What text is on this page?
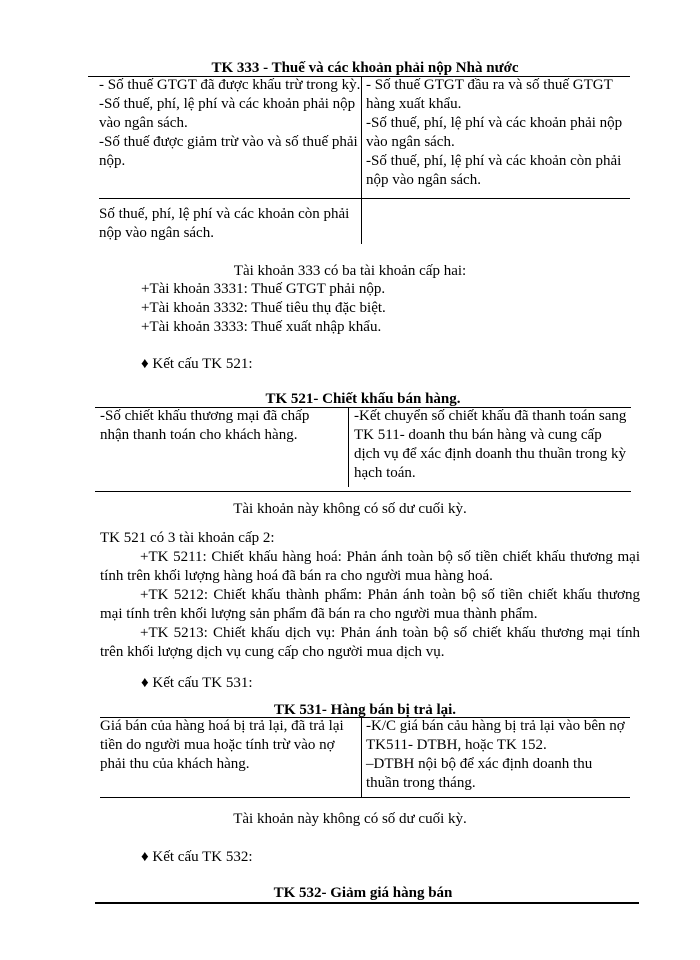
TK 333 - Thuế và các khoản phải nộp Nhà nước

- Số thuế GTGT đã được khấu trừ trong kỳ.

-Số thuế, phí, lệ phí và các khoản phải nộp vào ngân sách.

-Số thuế được giảm trừ vào và số thuế phải nộp.

- Số thuế GTGT đầu ra và số thuế GTGT hàng xuất khẩu.

-Số thuế, phí, lệ phí và các khoản phải nộp vào ngân sách.

-Số thuế, phí, lệ phí và các khoản còn phải nộp vào ngân sách.

Số thuế, phí, lệ phí và các khoản còn phải nộp vào ngân sách.
Tài khoản 333 có ba tài khoản cấp hai:
+Tài khoản 3331: Thuế GTGT phải nộp.
+Tài khoản 3332: Thuế tiêu thụ đặc biệt.
+Tài khoản 3333: Thuế xuất nhập khẩu.
♦ Kết cấu TK 521:
TK 521- Chiết khấu bán hàng.
-Số chiết khấu thương mại đã chấp nhận thanh toán cho khách hàng.
-Kết chuyển số chiết khấu đã thanh toán sang TK 511- doanh thu bán hàng và cung cấp dịch vụ để xác định doanh thu thuần trong kỳ hạch toán.
Tài khoản này không có số dư cuối kỳ.
TK 521 có 3 tài khoản cấp 2:
+TK 5211: Chiết khấu hàng hoá: Phản ánh toàn bộ số tiền chiết khấu thương mại tính trên khối lượng hàng hoá đã bán ra cho người mua hàng hoá.
+TK 5212: Chiết khấu thành phẩm: Phản ánh toàn bộ số tiền chiết khấu thương mại tính trên khối lượng sản phẩm đã bán ra cho người mua thành phẩm.
+TK 5213: Chiết khấu dịch vụ: Phản ánh toàn bộ số chiết khấu thương mại tính trên khối lượng dịch vụ cung cấp cho người mua dịch vụ.
♦ Kết cấu TK 531:
TK 531- Hàng bán bị trả lại.
Giá bán của hàng hoá bị trả lại, đã trả lại tiền do người mua hoặc tính trừ vào nợ phải thu của khách hàng.

-K/C giá bán cảu hàng bị trả lại vào bên nợ TK511- DTBH, hoặc TK 152.

–DTBH nội bộ để xác định doanh thu thuần trong tháng.

Tài khoản này không có số dư cuối kỳ.
♦ Kết cấu TK 532:
TK 532- Giảm giá hàng bán
